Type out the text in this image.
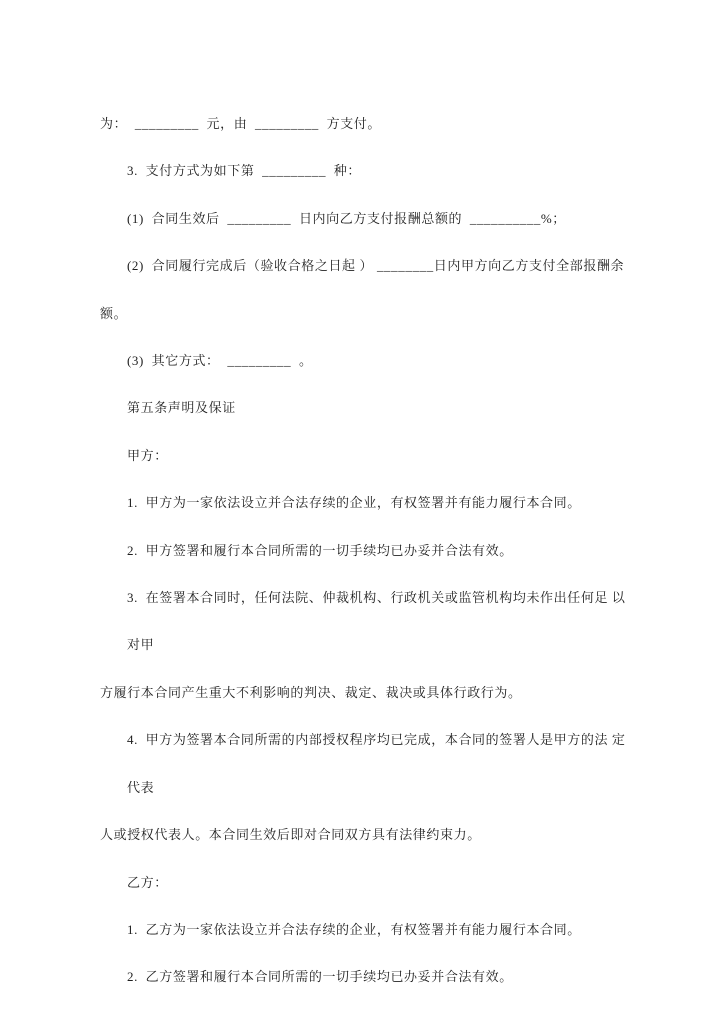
为：  _________  元，由  _________  方支付。
3.  支付方式为如下第  _________  种：
(1)  合同生效后  _________  日内向乙方支付报酬总额的  __________%；
(2)  合同履行完成后（验收合格之日起 ） ________日内甲方向乙方支付全部报酬余
额。
(3)  其它方式：  _________  。
第五条声明及保证
甲方：
1.  甲方为一家依法设立并合法存续的企业，有权签署并有能力履行本合同。
2.  甲方签署和履行本合同所需的一切手续均已办妥并合法有效。
3.  在签署本合同时，任何法院、仲裁机构、行政机关或监管机构均未作出任何足 以对甲
方履行本合同产生重大不利影响的判决、裁定、裁决或具体行政行为。
4.  甲方为签署本合同所需的内部授权程序均已完成，本合同的签署人是甲方的法 定代表
人或授权代表人。本合同生效后即对合同双方具有法律约束力。
乙方：
1.  乙方为一家依法设立并合法存续的企业，有权签署并有能力履行本合同。
2.  乙方签署和履行本合同所需的一切手续均已办妥并合法有效。
